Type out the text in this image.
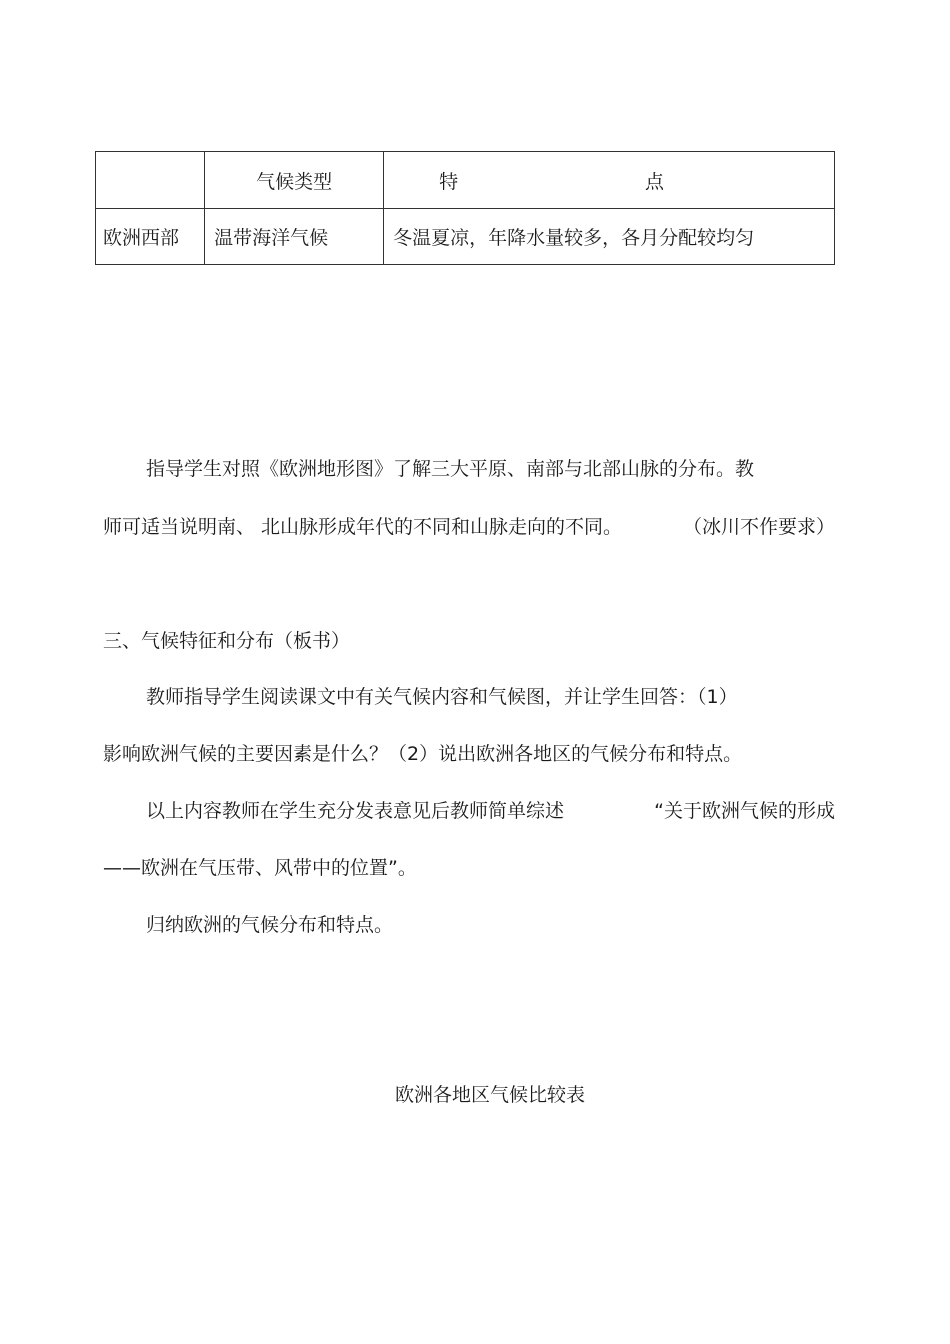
	气候类型	特 点

欧洲西部	温带海洋气候	冬温夏凉，年降水量较多，各月分配较均匀
指导学生对照《欧洲地形图》了解三大平原、南部与北部山脉的分布。教
师可适当说明南、 北山脉形成年代的不同和山脉走向的不同。	（冰川不作要求）
三、气候特征和分布（板书）
教师指导学生阅读课文中有关气候内容和气候图，并让学生回答：（1）
影响欧洲气候的主要因素是什么？（2）说出欧洲各地区的气候分布和特点。
以上内容教师在学生充分发表意见后教师简单综述	“关于欧洲气候的形成
——欧洲在气压带、风带中的位置”。
归纳欧洲的气候分布和特点。
欧洲各地区气候比较表
